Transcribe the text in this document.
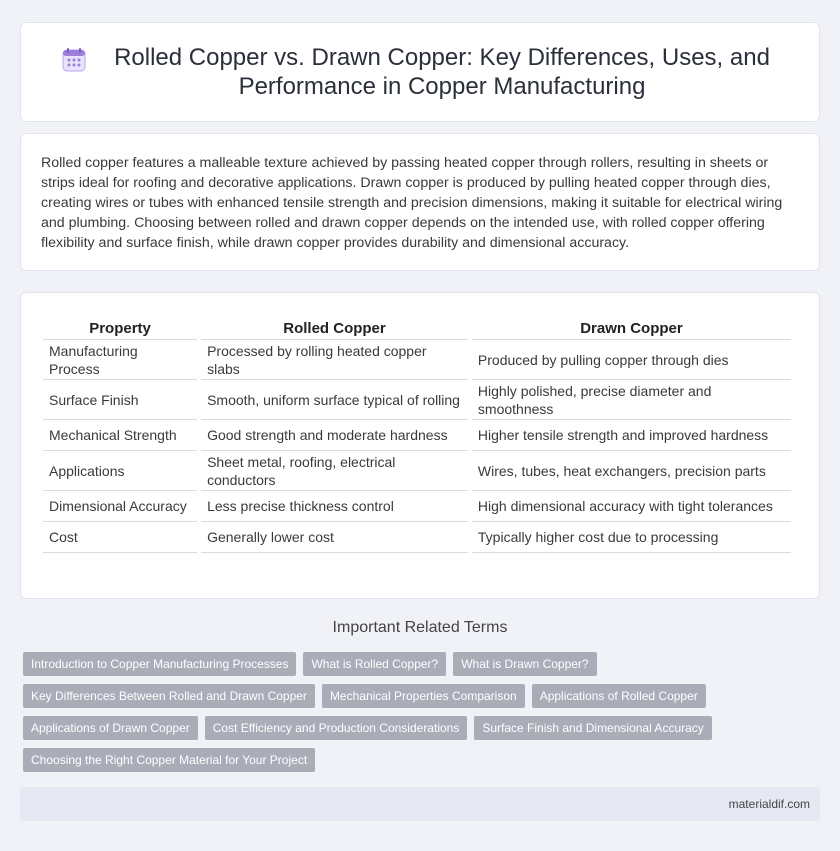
Rolled Copper vs. Drawn Copper: Key Differences, Uses, and Performance in Copper Manufacturing

Rolled copper features a malleable texture achieved by passing heated copper through rollers, resulting in sheets or strips ideal for roofing and decorative applications. Drawn copper is produced by pulling heated copper through dies, creating wires or tubes with enhanced tensile strength and precision dimensions, making it suitable for electrical wiring and plumbing. Choosing between rolled and drawn copper depends on the intended use, with rolled copper offering flexibility and surface finish, while drawn copper provides durability and dimensional accuracy.

Property	Rolled Copper	Drawn Copper
Manufacturing Process	Processed by rolling heated copper slabs	Produced by pulling copper through dies
Surface Finish	Smooth, uniform surface typical of rolling	Highly polished, precise diameter and smoothness
Mechanical Strength	Good strength and moderate hardness	Higher tensile strength and improved hardness
Applications	Sheet metal, roofing, electrical conductors	Wires, tubes, heat exchangers, precision parts
Dimensional Accuracy	Less precise thickness control	High dimensional accuracy with tight tolerances
Cost	Generally lower cost	Typically higher cost due to processing
Important Related Terms
Introduction to Copper Manufacturing Processes	What is Rolled Copper?	What is Drawn Copper?
Key Differences Between Rolled and Drawn Copper	Mechanical Properties Comparison	Applications of Rolled Copper
Applications of Drawn Copper	Cost Efficiency and Production Considerations	Surface Finish and Dimensional Accuracy
Choosing the Right Copper Material for Your Project
materialdif.com
